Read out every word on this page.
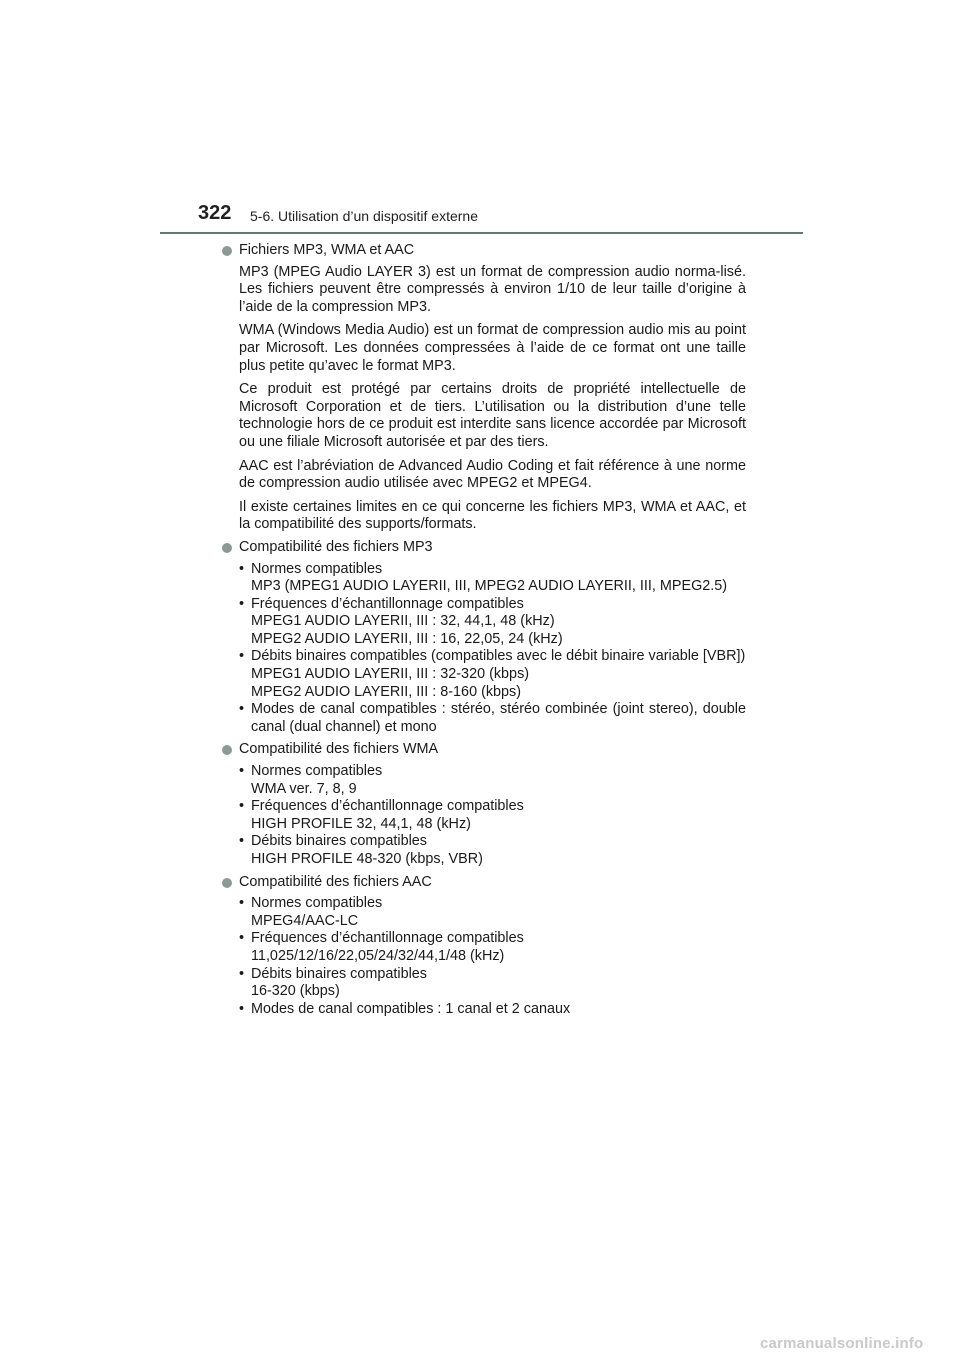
322 5-6. Utilisation d’un dispositif externe
Fichiers MP3, WMA et AAC

MP3 (MPEG Audio LAYER 3) est un format de compression audio norma-lisé. Les fichiers peuvent être compressés à environ 1/10 de leur taille d’origine à l’aide de la compression MP3.

WMA (Windows Media Audio) est un format de compression audio mis au point par Microsoft. Les données compressées à l’aide de ce format ont une taille plus petite qu’avec le format MP3.

Ce produit est protégé par certains droits de propriété intellectuelle de Microsoft Corporation et de tiers. L’utilisation ou la distribution d’une telle technologie hors de ce produit est interdite sans licence accordée par Microsoft ou une filiale Microsoft autorisée et par des tiers.

AAC est l’abréviation de Advanced Audio Coding et fait référence à une norme de compression audio utilisée avec MPEG2 et MPEG4.

Il existe certaines limites en ce qui concerne les fichiers MP3, WMA et AAC, et la compatibilité des supports/formats.

Compatibilité des fichiers MP3
• Normes compatibles
MP3 (MPEG1 AUDIO LAYERII, III, MPEG2 AUDIO LAYERII, III, MPEG2.5)
• Fréquences d’échantillonnage compatibles
MPEG1 AUDIO LAYERII, III : 32, 44,1, 48 (kHz)
MPEG2 AUDIO LAYERII, III : 16, 22,05, 24 (kHz)
• Débits binaires compatibles (compatibles avec le débit binaire variable [VBR])
MPEG1 AUDIO LAYERII, III : 32-320 (kbps)
MPEG2 AUDIO LAYERII, III : 8-160 (kbps)
• Modes de canal compatibles : stéréo, stéréo combinée (joint stereo), double canal (dual channel) et mono
Compatibilité des fichiers WMA
• Normes compatibles
WMA ver. 7, 8, 9
• Fréquences d’échantillonnage compatibles
HIGH PROFILE 32, 44,1, 48 (kHz)
• Débits binaires compatibles
HIGH PROFILE 48-320 (kbps, VBR)
Compatibilité des fichiers AAC
• Normes compatibles
MPEG4/AAC-LC
• Fréquences d’échantillonnage compatibles
11,025/12/16/22,05/24/32/44,1/48 (kHz)
• Débits binaires compatibles
16-320 (kbps)
• Modes de canal compatibles : 1 canal et 2 canaux
carmanualsonline.info
